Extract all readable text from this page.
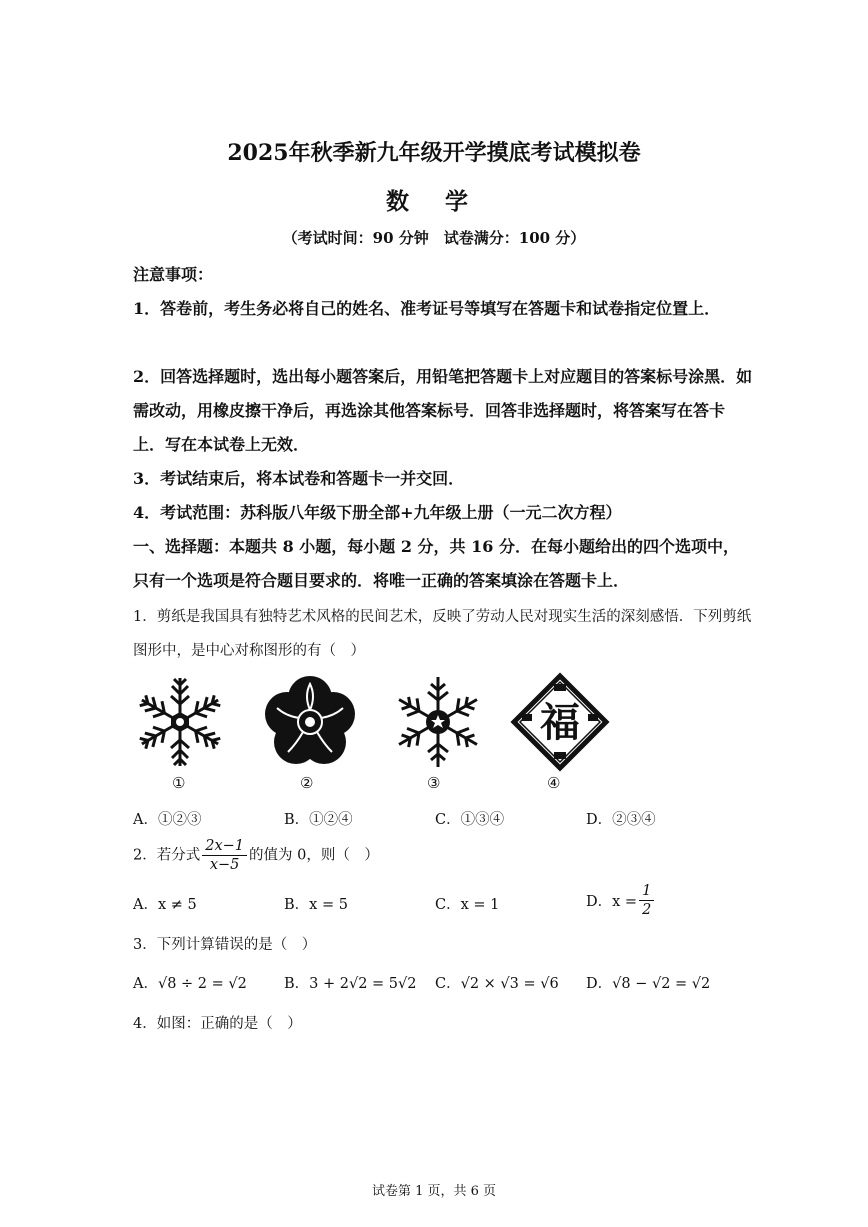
2025年秋季新九年级开学摸底考试模拟卷
数 学
（考试时间：90 分钟　试卷满分：100 分）
注意事项：
1．答卷前，考生务必将自己的姓名、准考证号等填写在答题卡和试卷指定位置上．
2．回答选择题时，选出每小题答案后，用铅笔把答题卡上对应题目的答案标号涂黑．如需改动，用橡皮擦干净后，再选涂其他答案标号．回答非选择题时，将答案写在答卡上．写在本试卷上无效．
3．考试结束后，将本试卷和答题卡一并交回．
4．考试范围：苏科版八年级下册全部+九年级上册（一元二次方程）
一、选择题：本题共 8 小题，每小题 2 分，共 16 分．在每小题给出的四个选项中，只有一个选项是符合题目要求的．将唯一正确的答案填涂在答题卡上．
1．剪纸是我国具有独特艺术风格的民间艺术，反映了劳动人民对现实生活的深刻感悟．下列剪纸图形中，是中心对称图形的有（　）
福
①	②	③	④
A．①②③	B．①②④	C．①③④	D．②③④
2．若分式 $\frac{2x-1}{x-5}$ 的值为 0，则（　）
A．x ≠ 5	B．x = 5	C．x = 1	D．$x = \frac{1}{2}$
3．下列计算错误的是（　）
A．√8 ÷ 2 = √2	B．3 + 2√2 = 5√2 C．√2 × √3 = √6 D．√8 − √2 = √2
4．如图：正确的是（　）
试卷第 1 页，共 6 页
